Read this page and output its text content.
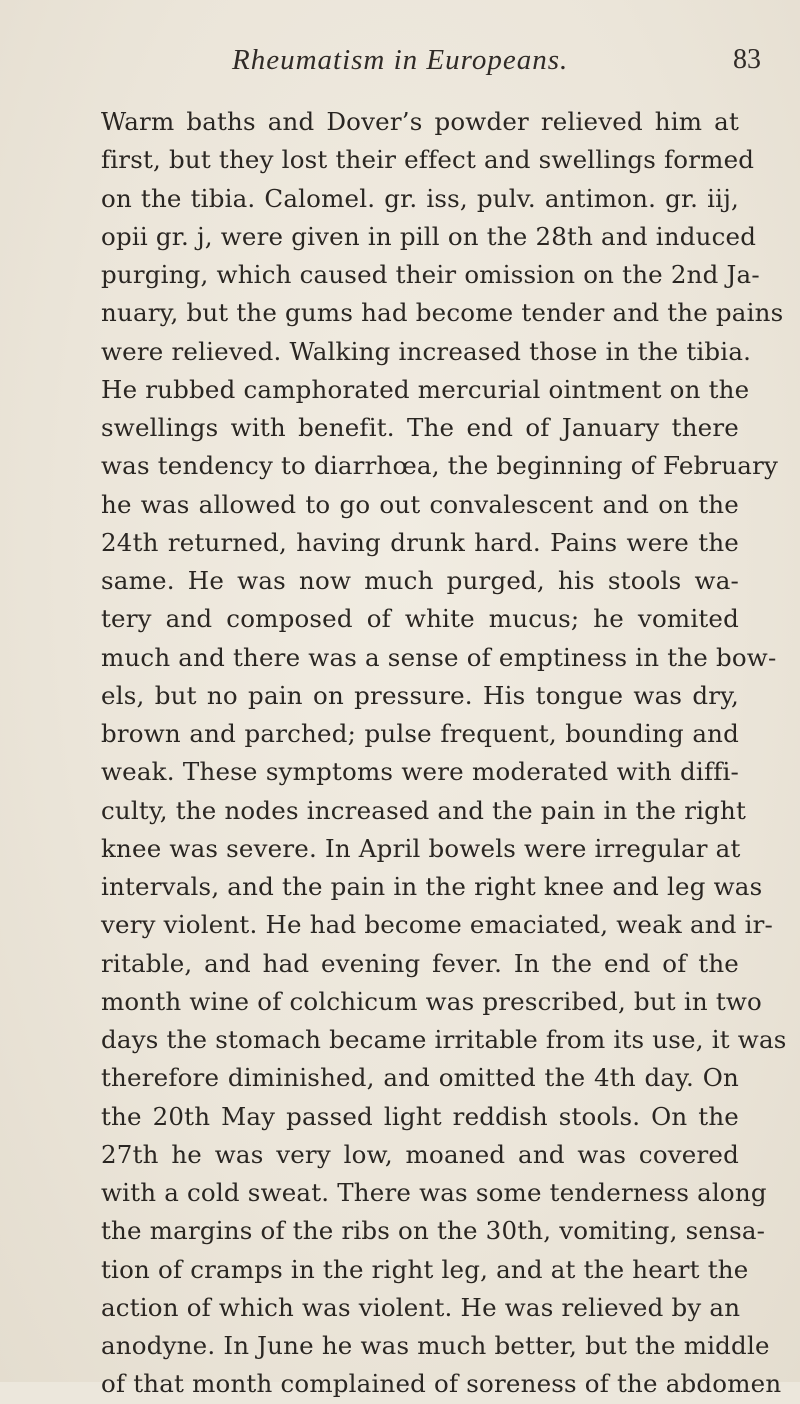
Rheumatism in Europeans.	83
Warm baths and Dover’s powder relieved him at
first, but they lost their effect and swellings formed
on the tibia. Calomel. gr. iss, pulv. antimon. gr. iij,
opii gr. j, were given in pill on the 28th and induced
purging, which caused their omission on the 2nd Ja-
nuary, but the gums had become tender and the pains
were relieved. Walking increased those in the tibia.
He rubbed camphorated mercurial ointment on the
swellings with benefit. The end of January there
was tendency to diarrhœa, the beginning of February
he was allowed to go out convalescent and on the
24th returned, having drunk hard. Pains were the
same. He was now much purged, his stools wa-
tery and composed of white mucus; he vomited
much and there was a sense of emptiness in the bow-
els, but no pain on pressure. His tongue was dry,
brown and parched; pulse frequent, bounding and
weak. These symptoms were moderated with diffi-
culty, the nodes increased and the pain in the right
knee was severe. In April bowels were irregular at
intervals, and the pain in the right knee and leg was
very violent. He had become emaciated, weak and ir-
ritable, and had evening fever. In the end of the
month wine of colchicum was prescribed, but in two
days the stomach became irritable from its use, it was
therefore diminished, and omitted the 4th day. On
the 20th May passed light reddish stools. On the
27th he was very low, moaned and was covered
with a cold sweat. There was some tenderness along
the margins of the ribs on the 30th, vomiting, sensa-
tion of cramps in the right leg, and at the heart the
action of which was violent. He was relieved by an
anodyne. In June he was much better, but the middle
of that month complained of soreness of the abdomen
